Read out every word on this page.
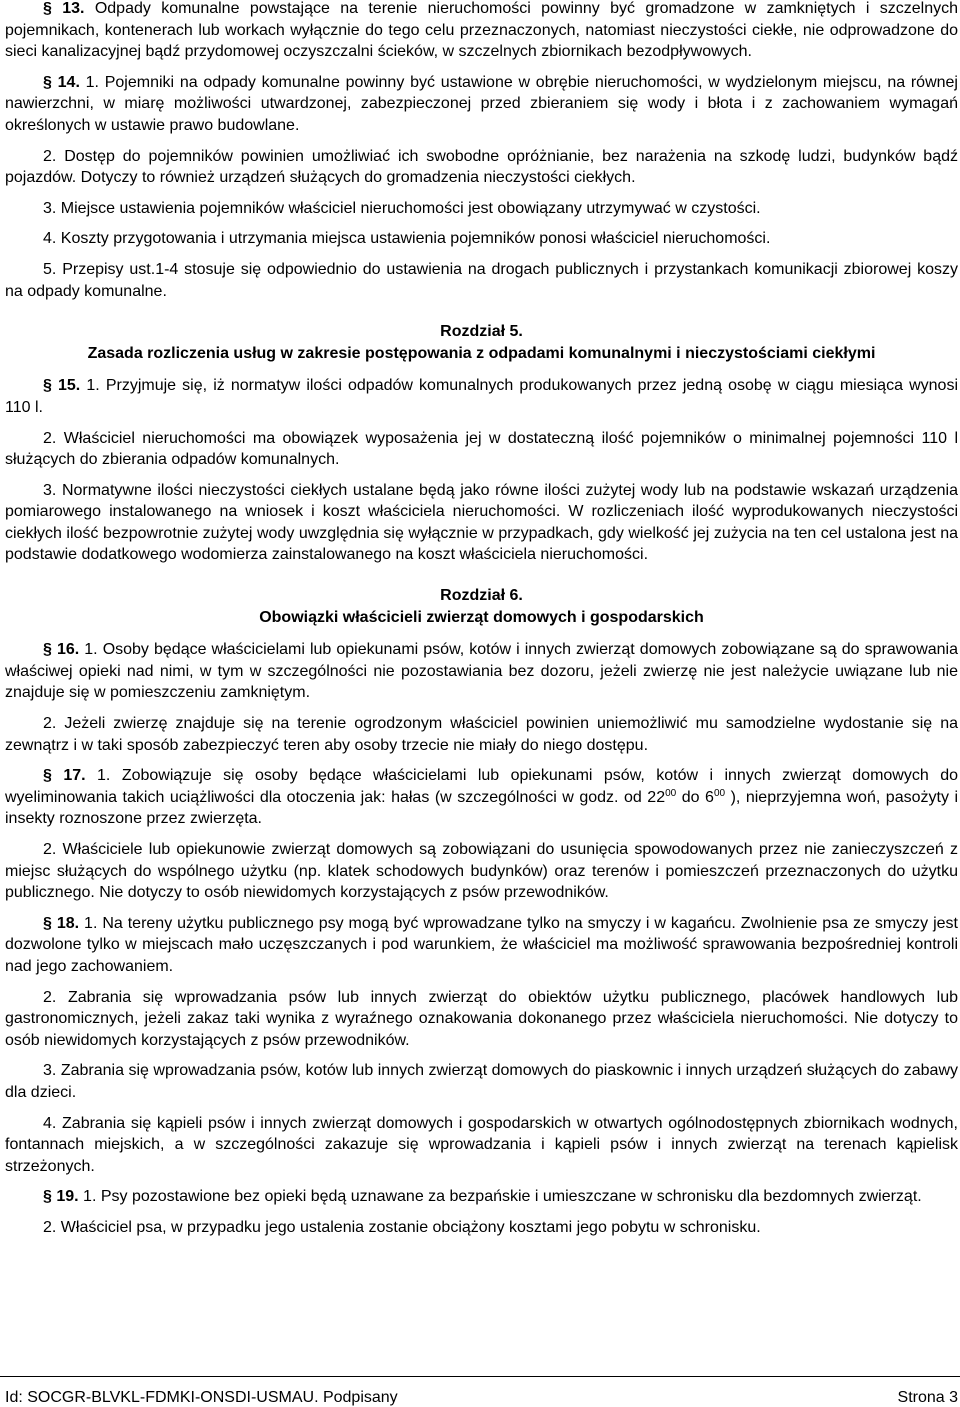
§ 13. Odpady komunalne powstające na terenie nieruchomości powinny być gromadzone w zamkniętych i szczelnych pojemnikach, kontenerach lub workach wyłącznie do tego celu przeznaczonych, natomiast nieczystości ciekłe, nie odprowadzone do sieci kanalizacyjnej bądź przydomowej oczyszczalni ścieków, w szczelnych zbiornikach bezodpływowych.

§ 14. 1. Pojemniki na odpady komunalne powinny być ustawione w obrębie nieruchomości, w wydzielonym miejscu, na równej nawierzchni, w miarę możliwości utwardzonej, zabezpieczonej przed zbieraniem się wody i błota i z zachowaniem wymagań określonych w ustawie prawo budowlane.

2. Dostęp do pojemników powinien umożliwiać ich swobodne opróżnianie, bez narażenia na szkodę ludzi, budynków bądź pojazdów. Dotyczy to również urządzeń służących do gromadzenia nieczystości ciekłych.

3. Miejsce ustawienia pojemników właściciel nieruchomości jest obowiązany utrzymywać w czystości.

4. Koszty przygotowania i utrzymania miejsca ustawienia pojemników ponosi właściciel nieruchomości.

5. Przepisy ust.1-4 stosuje się odpowiednio do ustawienia na drogach publicznych i przystankach komunikacji zbiorowej koszy na odpady komunalne.

Rozdział 5.
Zasada rozliczenia usług w zakresie postępowania z odpadami komunalnymi i nieczystościami ciekłymi

§ 15. 1. Przyjmuje się, iż normatyw ilości odpadów komunalnych produkowanych przez jedną osobę w ciągu miesiąca wynosi 110 l.

2. Właściciel nieruchomości ma obowiązek wyposażenia jej w dostateczną ilość pojemników o minimalnej pojemności 110 l służących do zbierania odpadów komunalnych.

3. Normatywne ilości nieczystości ciekłych ustalane będą jako równe ilości zużytej wody lub na podstawie wskazań urządzenia pomiarowego instalowanego na wniosek i koszt właściciela nieruchomości. W rozliczeniach ilość wyprodukowanych nieczystości ciekłych ilość bezpowrotnie zużytej wody uwzględnia się wyłącznie w przypadkach, gdy wielkość jej zużycia na ten cel ustalona jest na podstawie dodatkowego wodomierza zainstalowanego na koszt właściciela nieruchomości.

Rozdział 6.
Obowiązki właścicieli zwierząt domowych i gospodarskich

§ 16. 1. Osoby będące właścicielami lub opiekunami psów, kotów i innych zwierząt domowych zobowiązane są do sprawowania właściwej opieki nad nimi, w tym w szczególności nie pozostawiania bez dozoru, jeżeli zwierzę nie jest należycie uwiązane lub nie znajduje się w pomieszczeniu zamkniętym.

2. Jeżeli zwierzę znajduje się na terenie ogrodzonym właściciel powinien uniemożliwić mu samodzielne wydostanie się na zewnątrz i w taki sposób zabezpieczyć teren aby osoby trzecie nie miały do niego dostępu.

§ 17. 1. Zobowiązuje się osoby będące właścicielami lub opiekunami psów, kotów i innych zwierząt domowych do wyeliminowania takich uciążliwości dla otoczenia jak: hałas (w szczególności w godz. od $22^{00}$ do $6^{00}$ ), nieprzyjemna woń, pasożyty i insekty roznoszone przez zwierzęta.

2. Właściciele lub opiekunowie zwierząt domowych są zobowiązani do usunięcia spowodowanych przez nie zanieczyszczeń z miejsc służących do wspólnego użytku (np. klatek schodowych budynków) oraz terenów i pomieszczeń przeznaczonych do użytku publicznego. Nie dotyczy to osób niewidomych korzystających z psów przewodników.

§ 18. 1. Na tereny użytku publicznego psy mogą być wprowadzane tylko na smyczy i w kagańcu. Zwolnienie psa ze smyczy jest dozwolone tylko w miejscach mało uczęszczanych i pod warunkiem, że właściciel ma możliwość sprawowania bezpośredniej kontroli nad jego zachowaniem.

2. Zabrania się wprowadzania psów lub innych zwierząt do obiektów użytku publicznego, placówek handlowych lub gastronomicznych, jeżeli zakaz taki wynika z wyraźnego oznakowania dokonanego przez właściciela nieruchomości. Nie dotyczy to osób niewidomych korzystających z psów przewodników.

3. Zabrania się wprowadzania psów, kotów lub innych zwierząt domowych do piaskownic i innych urządzeń służących do zabawy dla dzieci.

4. Zabrania się kąpieli psów i innych zwierząt domowych i gospodarskich w otwartych ogólnodostępnych zbiornikach wodnych, fontannach miejskich, a w szczególności zakazuje się wprowadzania i kąpieli psów i innych zwierząt na terenach kąpielisk strzeżonych.

§ 19. 1. Psy pozostawione bez opieki będą uznawane za bezpańskie i umieszczane w schronisku dla bezdomnych zwierząt.

2. Właściciel psa, w przypadku jego ustalenia zostanie obciążony kosztami jego pobytu w schronisku.

Id: SOCGR-BLVKL-FDMKI-ONSDI-USMAU. Podpisany	Strona 3
